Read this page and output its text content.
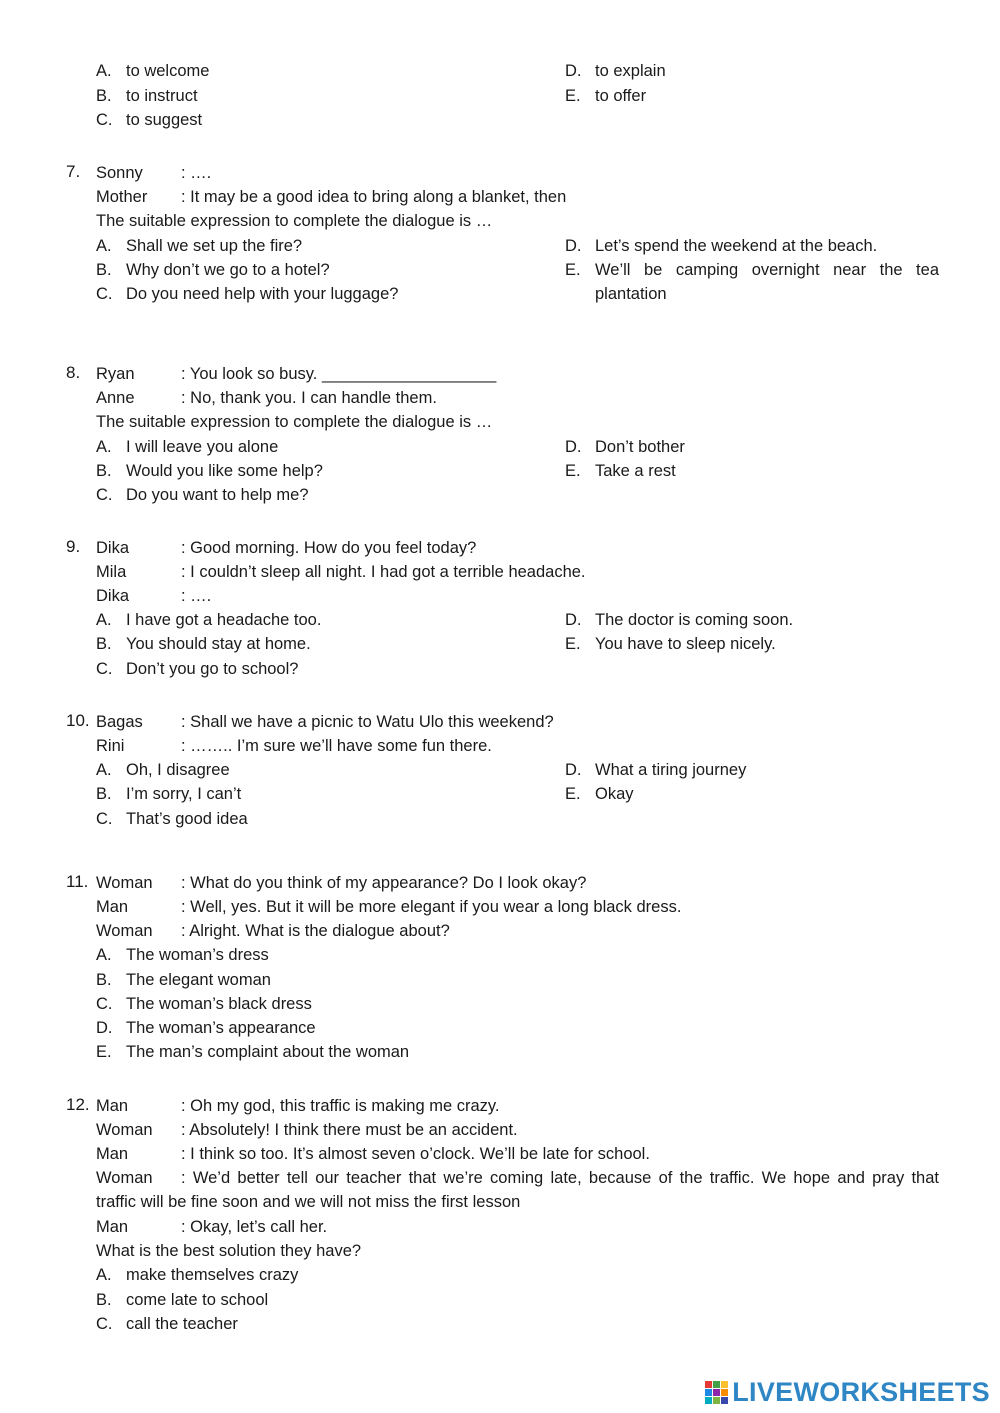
A. to welcome
B. to instruct
C. to suggest
D. to explain
E. to offer
7. Sonny : ….
Mother : It may be a good idea to bring along a blanket, then
The suitable expression to complete the dialogue is …
A. Shall we set up the fire?
B. Why don’t we go to a hotel?
C. Do you need help with your luggage?
D. Let’s spend the weekend at the beach.
E. We’ll be camping overnight near the tea
plantation
8. Ryan	: You look so busy. ___________________
Anne	: No, thank you. I can handle them.
The suitable expression to complete the dialogue is …
A. I will leave you alone
B. Would you like some help?
C. Do you want to help me?
D. Don’t bother
E. Take a rest
9. Dika	: Good morning. How do you feel today?
Mila	: I couldn’t sleep all night. I had got a terrible headache.
Dika	: ….
A. I have got a headache too.
B. You should stay at home.
C. Don’t you go to school?
D. The doctor is coming soon.
E. You have to sleep nicely.
10. Bagas : Shall we have a picnic to Watu Ulo this weekend?
Rini	: …….. I’m sure we’ll have some fun there.
A. Oh, I disagree
B. I’m sorry, I can’t
C. That’s good idea
D. What a tiring journey
E. Okay
11. Woman : What do you think of my appearance? Do I look okay?
Man	: Well, yes. But it will be more elegant if you wear a long black dress.
Woman : Alright. What is the dialogue about?
A. The woman’s dress
B. The elegant woman
C. The woman’s black dress
D. The woman’s appearance
E. The man’s complaint about the woman
12. Man	: Oh my god, this traffic is making me crazy.
Woman : Absolutely! I think there must be an accident.
Man	: I think so too. It’s almost seven o’clock. We’ll be late for school.
Woman : We’d better tell our teacher that we’re coming late, because of the traffic. We hope and pray that
traffic will be fine soon and we will not miss the first lesson
Man	: Okay, let’s call her.
What is the best solution they have?
A. make themselves crazy
B. come late to school
C. call the teacher
LIVEWORKSHEETS
